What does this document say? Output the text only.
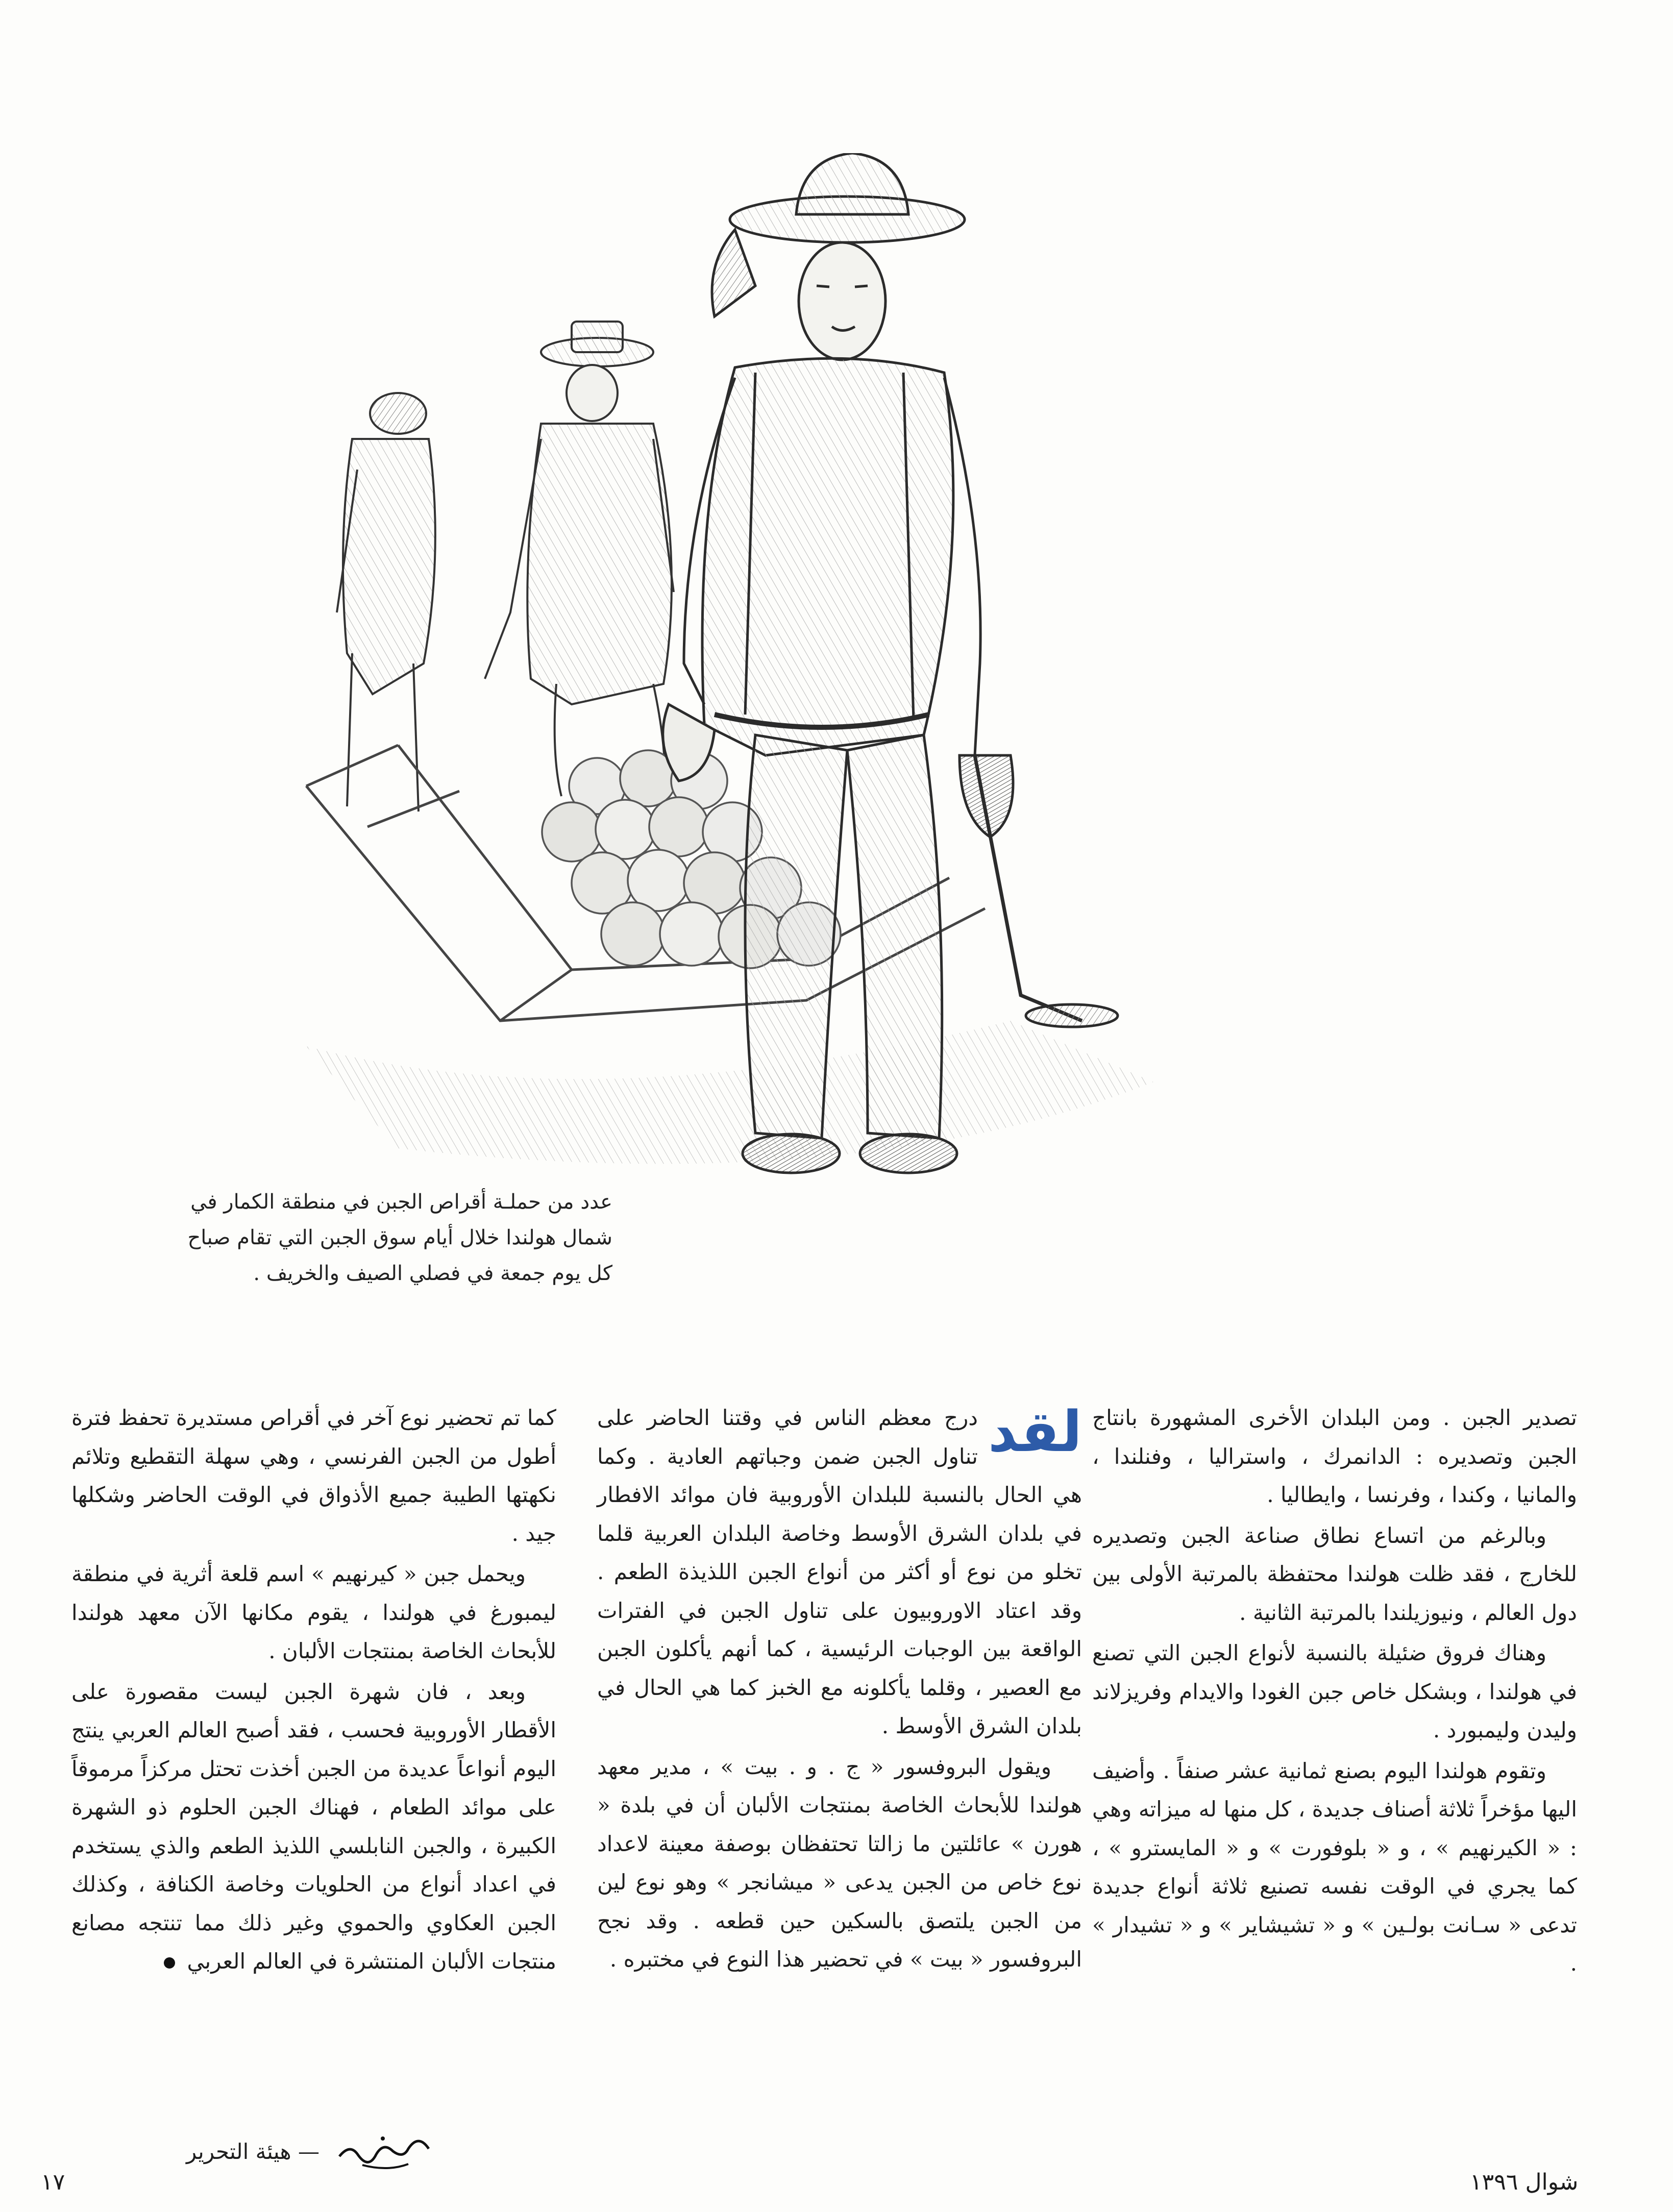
عدد من حملـة أقراص الجبن في منطقة الكمار في

شمال هولندا خلال أيام سوق الجبن التي تقام صباح

كل يوم جمعة في فصلي الصيف والخريف .

تصدير الجبن . ومن البلدان الأخرى المشهورة بانتاج الجبن وتصديره : الدانمرك ، واستراليا ، وفنلندا ، والمانيا ، وكندا ، وفرنسا ، وايطاليا .

وبالرغم من اتساع نطاق صناعة الجبن وتصديره للخارج ، فقد ظلت هولندا محتفظة بالمرتبة الأولى بين دول العالم ، ونيوزيلندا بالمرتبة الثانية .

وهناك فروق ضئيلة بالنسبة لأنواع الجبن التي تصنع في هولندا ، وبشكل خاص جبن الغودا والايدام وفريزلاند وليدن وليمبورد .

وتقوم هولندا اليوم بصنع ثمانية عشر صنفاً . وأضيف اليها مؤخراً ثلاثة أصناف جديدة ، كل منها له ميزاته وهي : « الكيرنهيم » ، و « بلوفورت » و « المايسترو » ، كما يجري في الوقت نفسه تصنيع ثلاثة أنواع جديدة تدعى « سـانت بولـين » و « تشيشاير » و « تشيدار » .

لقد
درج معظم الناس في وقتنا الحاضر على تناول الجبن ضمن وجباتهم العادية . وكما هي الحال بالنسبة للبلدان الأوروبية فان موائد الافطار في بلدان الشرق الأوسط وخاصة البلدان العربية قلما تخلو من نوع أو أكثر من أنواع الجبن اللذيذة الطعم . وقد اعتاد الاوروبيون على تناول الجبن في الفترات الواقعة بين الوجبات الرئيسية ، كما أنهم يأكلون الجبن مع العصير ، وقلما يأكلونه مع الخبز كما هي الحال في بلدان الشرق الأوسط .

ويقول البروفسور « ج . و . بيت » ، مدير معهد هولندا للأبحاث الخاصة بمنتجات الألبان أن في بلدة « هورن » عائلتين ما زالتا تحتفظان بوصفة معينة لاعداد نوع خاص من الجبن يدعى « ميشانجر » وهو نوع لين من الجبن يلتصق بالسكين حين قطعه . وقد نجح البروفسور « بيت » في تحضير هذا النوع في مختبره .

كما تم تحضير نوع آخر في أقراص مستديرة تحفظ فترة أطول من الجبن الفرنسي ، وهي سهلة التقطيع وتلائم نكهتها الطيبة جميع الأذواق في الوقت الحاضر وشكلها جيد .

ويحمل جبن « كيرنهيم » اسم قلعة أثرية في منطقة ليمبورغ في هولندا ، يقوم مكانها الآن معهد هولندا للأبحاث الخاصة بمنتجات الألبان .

وبعد ، فان شهرة الجبن ليست مقصورة على الأقطار الأوروبية فحسب ، فقد أصبح العالم العربي ينتج اليوم أنواعاً عديدة من الجبن أخذت تحتل مركزاً مرموقاً على موائد الطعام ، فهناك الجبن الحلوم ذو الشهرة الكبيرة ، والجبن النابلسي اللذيذ الطعم والذي يستخدم في اعداد أنواع من الحلويات وخاصة الكنافة ، وكذلك الجبن العكاوي والحموي وغير ذلك مما تنتجه مصانع منتجات الألبان المنتشرة في العالم العربي

— هيئة التحرير
١٧	شوال ١٣٩٦
